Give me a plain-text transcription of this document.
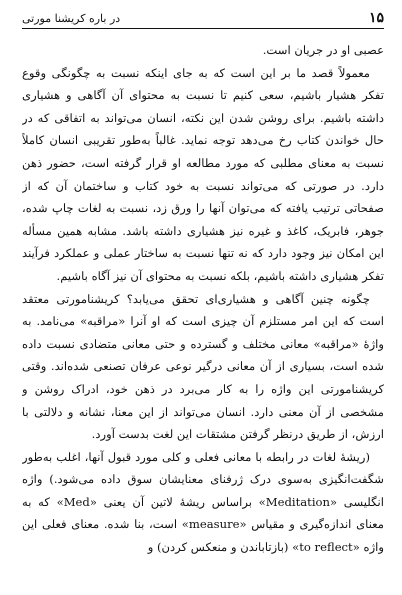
۱۵
در باره کریشنا مورتی

عصبی او در جریان است.

معمولاً قصد ما بر این است که به جای اینکه نسبت به چگونگی وقوع تفکر هشیار باشیم، سعی کنیم تا نسبت به محتوای آن آگاهی و هشیاری داشته باشیم. برای روشن شدن این نکته، انسان می‌تواند به اتفاقی که در حال خواندن کتاب رخ می‌دهد توجه نماید. غالباً به‌طور تقریبی انسان کاملاً نسبت به معنای مطلبی که مورد مطالعه او قرار گرفته است، حضور ذهن دارد. در صورتی که می‌تواند نسبت به خود کتاب و ساختمان آن که از صفحاتی ترتیب یافته که می‌توان آنها را ورق زد، نسبت به لغات چاپ شده، جوهر، فابریک، کاغذ و غیره نیز هشیاری داشته باشد. مشابه همین مسأله این امکان نیز وجود دارد که نه تنها نسبت به ساختار عملی و عملکرد فرآیند تفکر هشیاری داشته باشیم، بلکه نسبت به محتوای آن نیز آگاه باشیم.

چگونه چنین آگاهی و هشیاری‌ای تحقق می‌یابد؟ کریشنامورتی معتقد است که این امر مستلزم آن چیزی است که او آنرا «مراقبه» می‌نامد. به واژهٔ «مراقبه» معانی مختلف و گسترده و حتی معانی متضادی نسبت داده شده است، بسیاری از آن معانی درگیر نوعی عرفان تصنعی شده‌اند. وقتی کریشنامورتی این واژه را به کار می‌برد در ذهن خود، ادراک روشن و مشخصی از آن معنی دارد. انسان می‌تواند از این معنا، نشانه و دلالتی با ارزش، از طریق درنظر گرفتن مشتقات این لغت بدست آورد.

(ریشهٔ لغات در رابطه با معانی فعلی و کلی مورد قبول آنها، اغلب به‌طور شگفت‌انگیزی به‌سوی درک ژرفنای معنایشان سوق داده می‌شود.) واژه انگلیسی «Meditation» براساس ریشهٔ لاتین آن یعنی «Med» که به معنای اندازه‌گیری و مقیاس «measure» است، بنا شده. معنای فعلی این واژه «to reflect» (بازتاباندن و منعکس کردن) و
